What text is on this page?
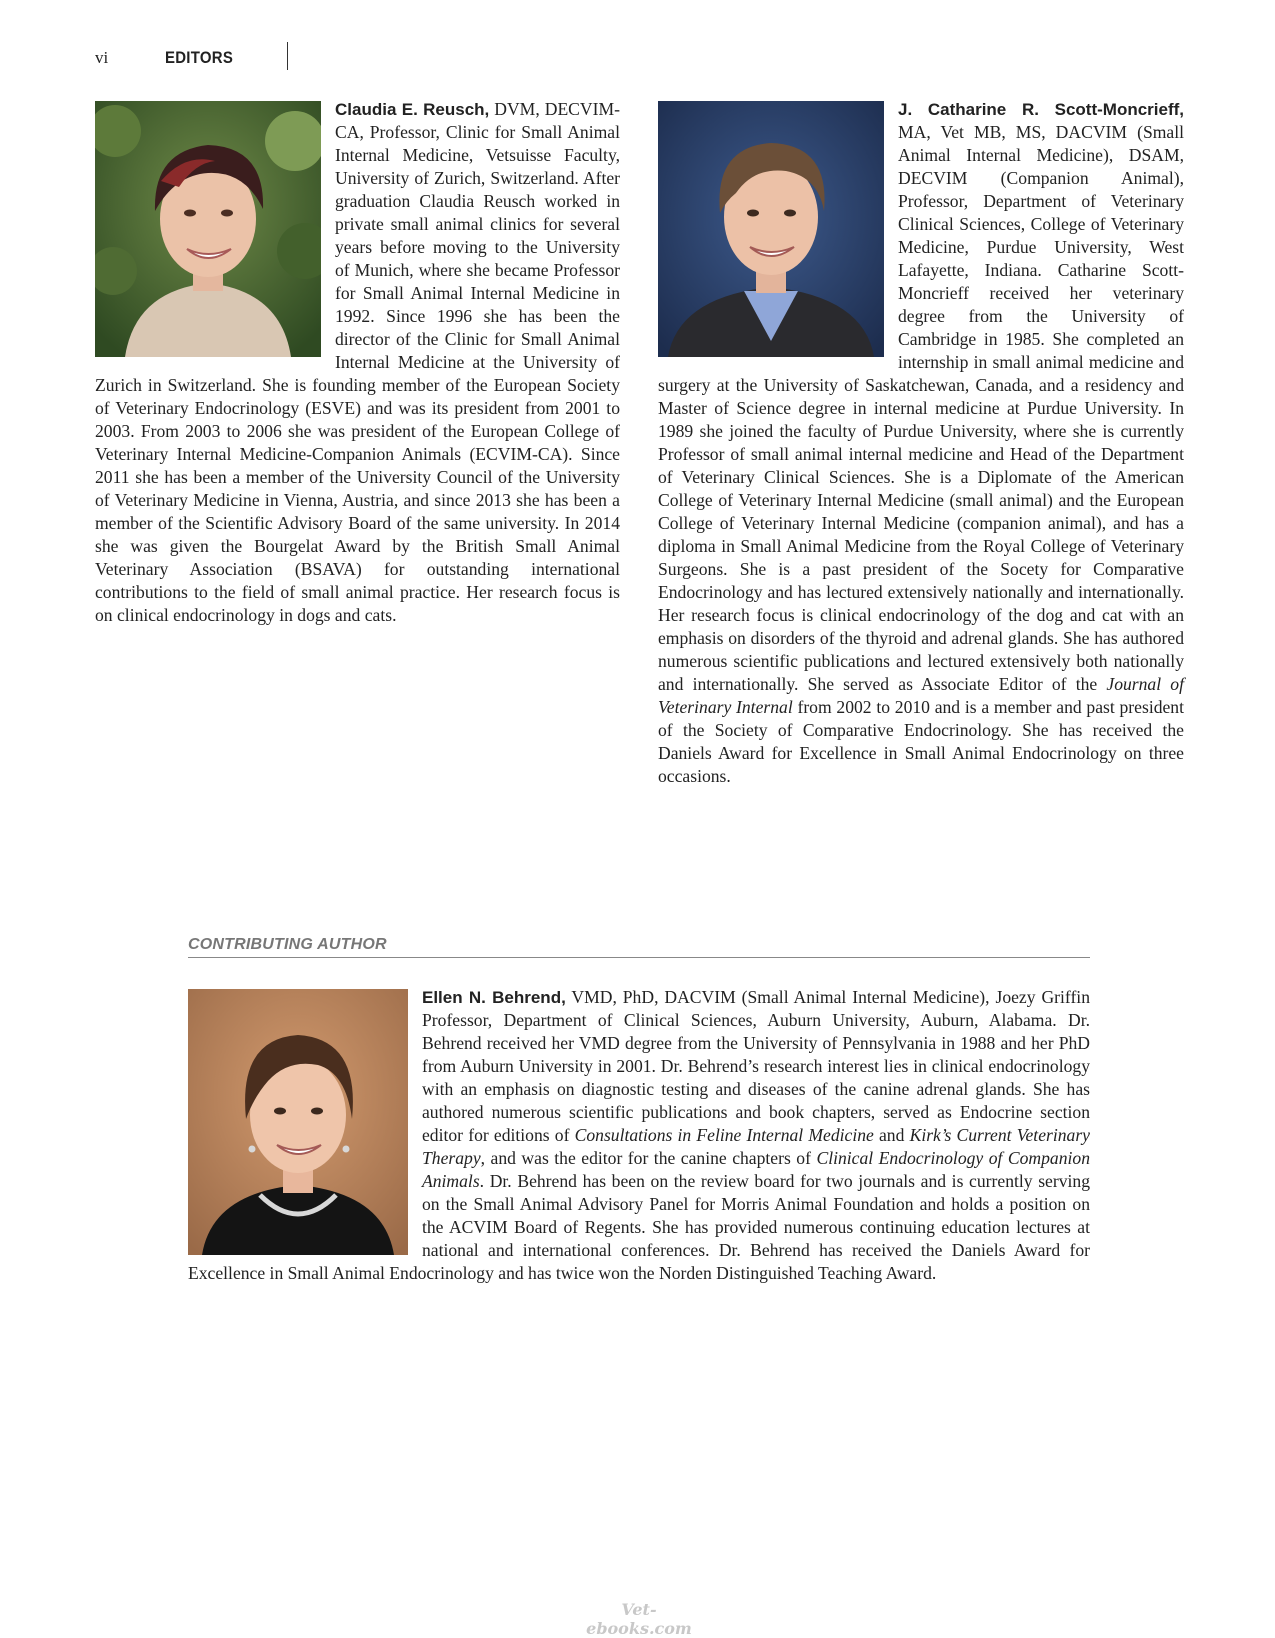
vi	EDITORS
Claudia E. Reusch, DVM, DECVIM-CA, Professor, Clinic for Small Animal Internal Medicine, Vetsuisse Faculty, University of Zurich, Switzerland. After graduation Claudia Reusch worked in private small animal clinics for several years before moving to the University of Munich, where she became Professor for Small Animal Internal Medicine in 1992. Since 1996 she has been the director of the Clinic for Small Animal Internal Medicine at the University of Zurich in Switzerland. She is founding member of the European Society of Veterinary Endocrinology (ESVE) and was its president from 2001 to 2003. From 2003 to 2006 she was president of the European College of Veterinary Internal Medicine-Companion Animals (ECVIM-CA). Since 2011 she has been a member of the University Council of the University of Veterinary Medicine in Vienna, Austria, and since 2013 she has been a member of the Scientific Advisory Board of the same university. In 2014 she was given the Bourgelat Award by the British Small Animal Veterinary Association (BSAVA) for outstanding international contributions to the field of small animal practice. Her research focus is on clinical endocrinology in dogs and cats.
J. Catharine R. Scott-Moncrieff, MA, Vet MB, MS, DACVIM (Small Animal Internal Medicine), DSAM, DECVIM (Companion Animal), Professor, Department of Veterinary Clinical Sciences, College of Veterinary Medicine, Purdue University, West Lafayette, Indiana. Catharine Scott-Moncrieff received her veterinary degree from the University of Cambridge in 1985. She completed an internship in small animal medicine and surgery at the University of Saskatchewan, Canada, and a residency and Master of Science degree in internal medicine at Purdue University. In 1989 she joined the faculty of Purdue University, where she is currently Professor of small animal internal medicine and Head of the Department of Veterinary Clinical Sciences. She is a Diplomate of the American College of Veterinary Internal Medicine (small animal) and the European College of Veterinary Internal Medicine (companion animal), and has a diploma in Small Animal Medicine from the Royal College of Veterinary Surgeons. She is a past president of the Socety for Comparative Endocrinology and has lectured extensively nationally and internationally. Her research focus is clinical endocrinology of the dog and cat with an emphasis on disorders of the thyroid and adrenal glands. She has authored numerous scientific publications and lectured extensively both nationally and internationally. She served as Associate Editor of the Journal of Veterinary Internal from 2002 to 2010 and is a member and past president of the Society of Comparative Endocrinology. She has received the Daniels Award for Excellence in Small Animal Endocrinology on three occasions.
CONTRIBUTING AUTHOR
Ellen N. Behrend, VMD, PhD, DACVIM (Small Animal Internal Medicine), Joezy Griffin Professor, Department of Clinical Sciences, Auburn University, Auburn, Alabama. Dr. Behrend received her VMD degree from the University of Pennsylvania in 1988 and her PhD from Auburn University in 2001. Dr. Behrend’s research interest lies in clinical endocrinology with an emphasis on diagnostic testing and diseases of the canine adrenal glands. She has authored numerous scientific publications and book chapters, served as Endocrine section editor for editions of Consultations in Feline Internal Medicine and Kirk’s Current Veterinary Therapy, and was the editor for the canine chapters of Clinical Endocrinology of Companion Animals. Dr. Behrend has been on the review board for two journals and is currently serving on the Small Animal Advisory Panel for Morris Animal Foundation and holds a position on the ACVIM Board of Regents. She has provided numerous continuing education lectures at national and international conferences. Dr. Behrend has received the Daniels Award for Excellence in Small Animal Endocrinology and has twice won the Norden Distinguished Teaching Award.
Vet-ebooks.com
